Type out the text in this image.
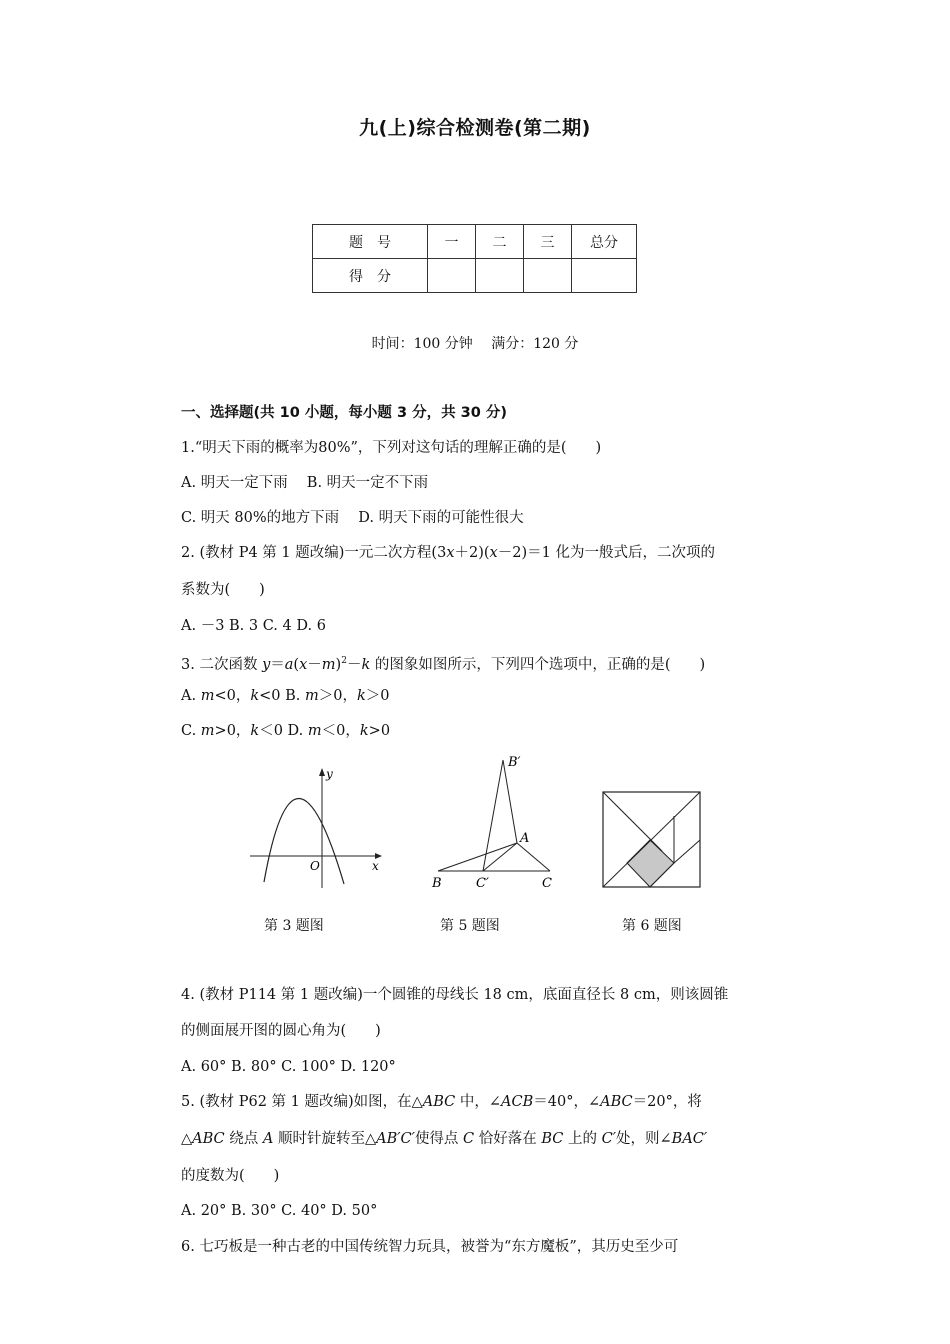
九(上)综合检测卷(第二期)
题　号	一	二	三	总分
得　分				
时间：100 分钟　 满分：120 分
一、选择题(共 10 小题，每小题 3 分，共 30 分)
1.“明天下雨的概率为80%”，下列对这句话的理解正确的是(　　)
A. 明天一定下雨　 B. 明天一定不下雨
C. 明天 80%的地方下雨　 D. 明天下雨的可能性很大
2. (教材 P4 第 1 题改编)一元二次方程(3x＋2)(x－2)＝1 化为一般式后，二次项的
系数为(　　)
A. －3 B. 3 C. 4 D. 6
3. 二次函数 $y=a(x-m)^2-k$ 的图象如图所示，下列四个选项中，正确的是(　　)
A. m<0，k<0 B. m＞0，k＞0
C. m>0，k＜0 D. m＜0，k>0
y
x
O
B′
A
B	C′	C
第 3 题图	第 5 题图	第 6 题图
4. (教材 P114 第 1 题改编)一个圆锥的母线长 18 cm，底面直径长 8 cm，则该圆锥
的侧面展开图的圆心角为(　　)
A. 60° B. 80° C. 100° D. 120°
5. (教材 P62 第 1 题改编)如图，在△ABC 中，∠ACB＝40°，∠ABC＝20°，将
△ABC 绕点 A 顺时针旋转至△AB′C′使得点 C 恰好落在 BC 上的 C′处，则∠BAC′
的度数为(　　)
A. 20° B. 30° C. 40° D. 50°
6. 七巧板是一种古老的中国传统智力玩具，被誉为“东方魔板”，其历史至少可
